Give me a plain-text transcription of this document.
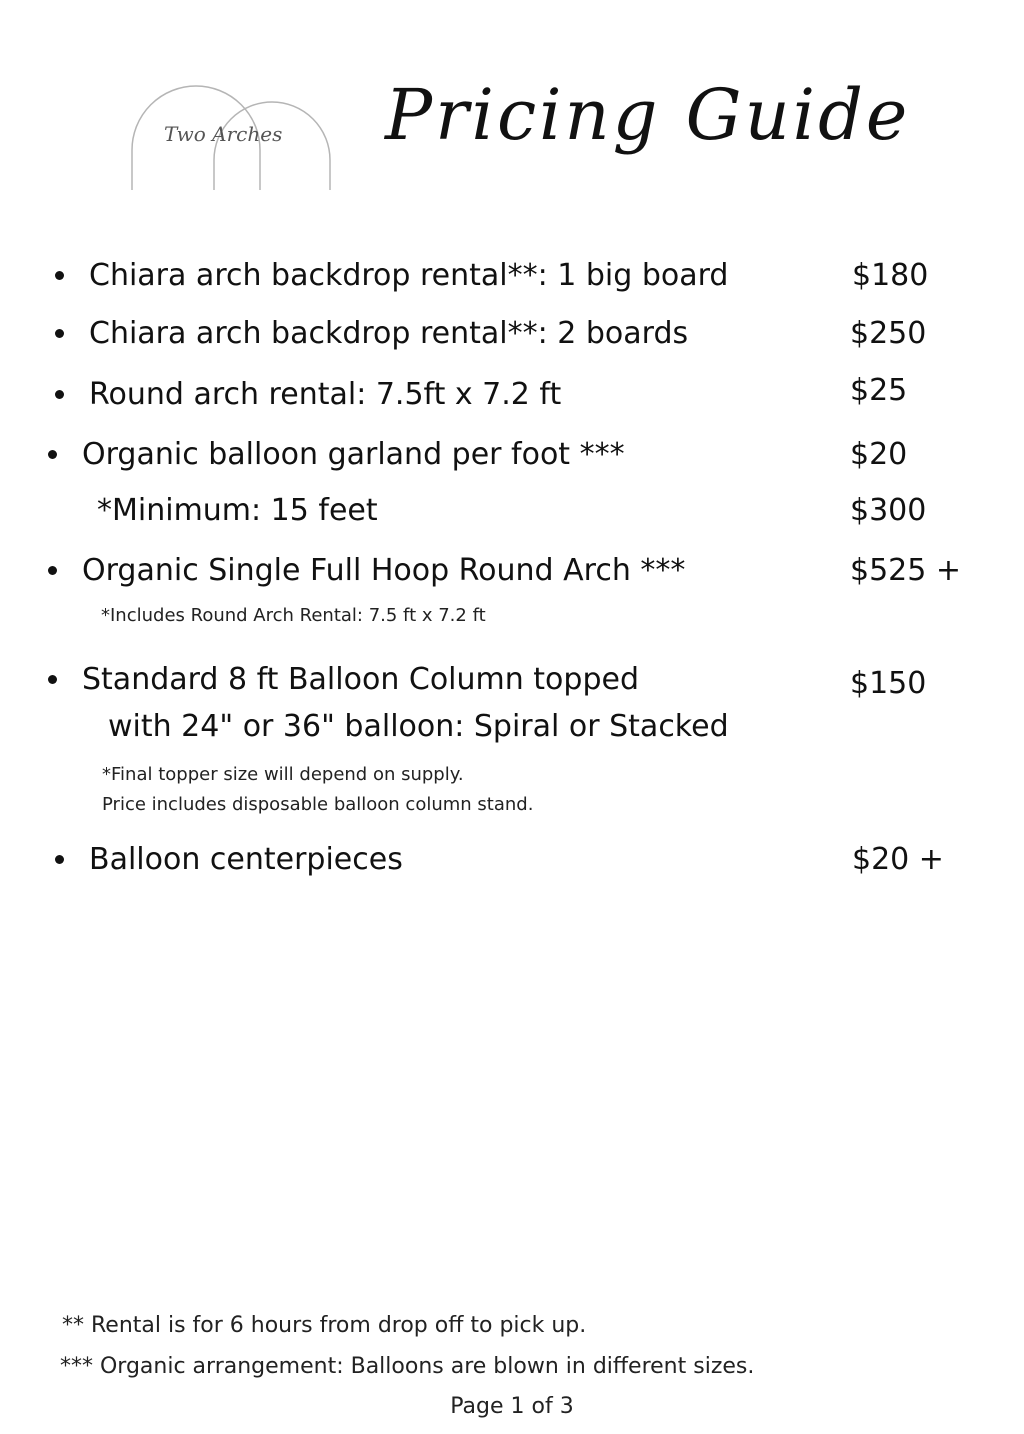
Two Arches Pricing Guide
Chiara arch backdrop rental**: 1 big board	$180
Chiara arch backdrop rental**: 2 boards	$250
Round arch rental: 7.5ft x 7.2 ft	$25
Organic balloon garland per foot ***	$20
*Minimum: 15 feet	$300
Organic Single Full Hoop Round Arch ***	$525 +
*Includes Round Arch Rental: 7.5 ft x 7.2 ft
Standard 8 ft Balloon Column topped	$150
with 24" or 36" balloon: Spiral or Stacked
*Final topper size will depend on supply.
Price includes disposable balloon column stand.
Balloon centerpieces	$20 +
** Rental is for 6 hours from drop off to pick up.
*** Organic arrangement: Balloons are blown in different sizes.
Page 1 of 3
